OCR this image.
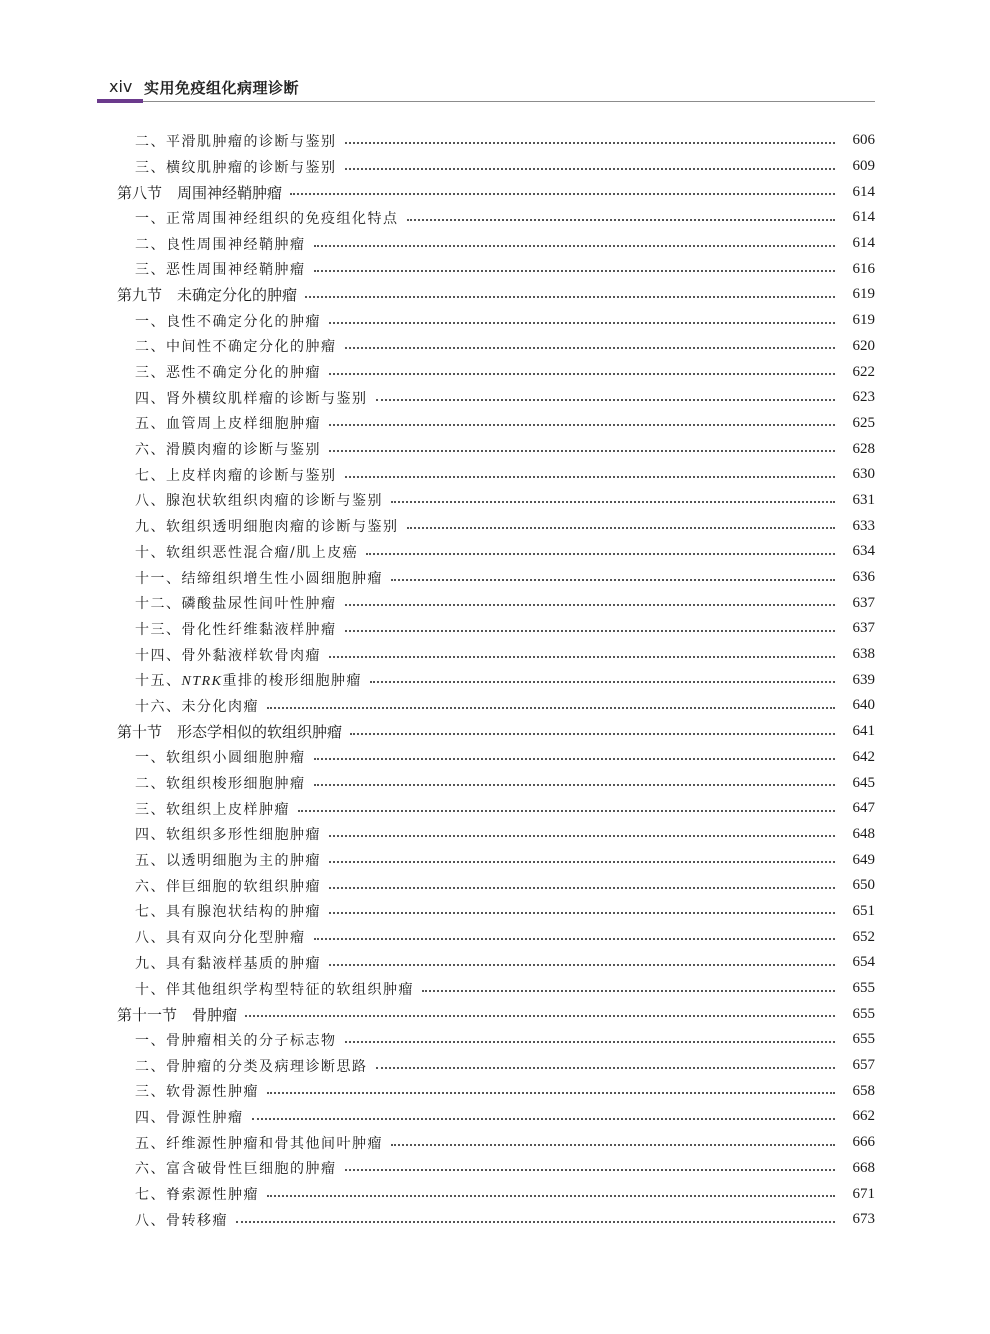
xiv 实用免疫组化病理诊断
二、平滑肌肿瘤的诊断与鉴别	606
三、横纹肌肿瘤的诊断与鉴别	609
第八节　周围神经鞘肿瘤	614
一、正常周围神经组织的免疫组化特点	614
二、良性周围神经鞘肿瘤	614
三、恶性周围神经鞘肿瘤	616
第九节　未确定分化的肿瘤	619
一、良性不确定分化的肿瘤	619
二、中间性不确定分化的肿瘤	620
三、恶性不确定分化的肿瘤	622
四、肾外横纹肌样瘤的诊断与鉴别	623
五、血管周上皮样细胞肿瘤	625
六、滑膜肉瘤的诊断与鉴别	628
七、上皮样肉瘤的诊断与鉴别	630
八、腺泡状软组织肉瘤的诊断与鉴别	631
九、软组织透明细胞肉瘤的诊断与鉴别	633
十、软组织恶性混合瘤/肌上皮癌	634
十一、结缔组织增生性小圆细胞肿瘤	636
十二、磷酸盐尿性间叶性肿瘤	637
十三、骨化性纤维黏液样肿瘤	637
十四、骨外黏液样软骨肉瘤	638
十五、NTRK重排的梭形细胞肿瘤	639
十六、未分化肉瘤	640
第十节　形态学相似的软组织肿瘤	641
一、软组织小圆细胞肿瘤	642
二、软组织梭形细胞肿瘤	645
三、软组织上皮样肿瘤	647
四、软组织多形性细胞肿瘤	648
五、以透明细胞为主的肿瘤	649
六、伴巨细胞的软组织肿瘤	650
七、具有腺泡状结构的肿瘤	651
八、具有双向分化型肿瘤	652
九、具有黏液样基质的肿瘤	654
十、伴其他组织学构型特征的软组织肿瘤	655
第十一节　骨肿瘤	655
一、骨肿瘤相关的分子标志物	655
二、骨肿瘤的分类及病理诊断思路	657
三、软骨源性肿瘤	658
四、骨源性肿瘤	662
五、纤维源性肿瘤和骨其他间叶肿瘤	666
六、富含破骨性巨细胞的肿瘤	668
七、脊索源性肿瘤	671
八、骨转移瘤	673
